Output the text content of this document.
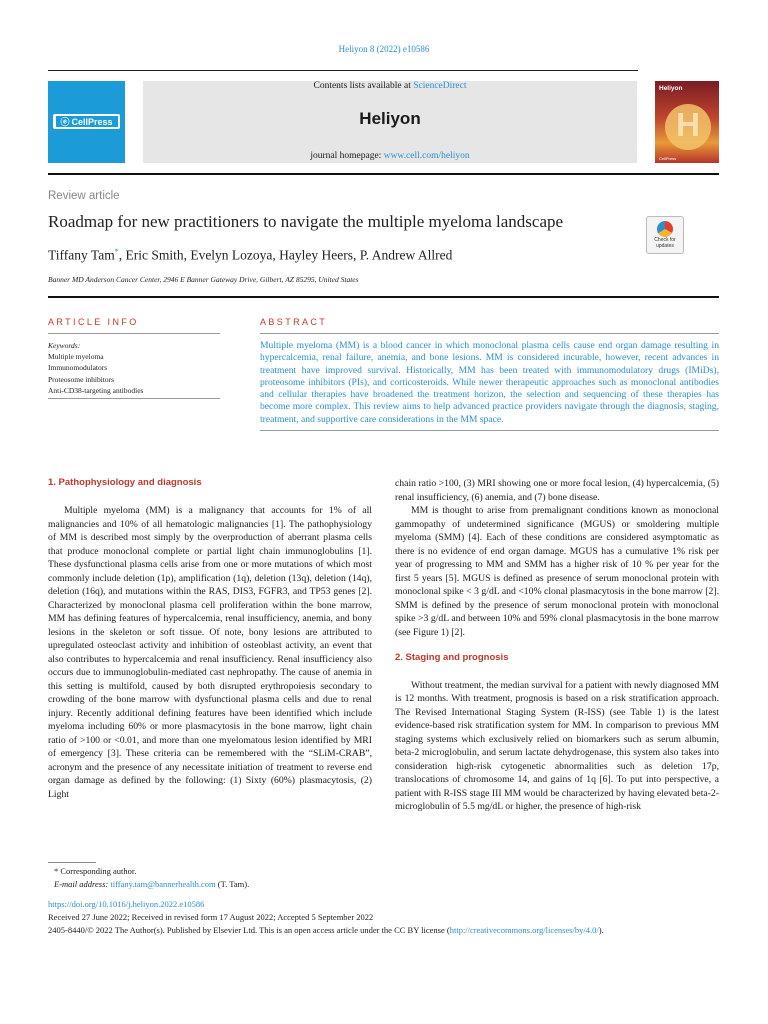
Heliyon 8 (2022) e10586
ⓔ CellPress
Contents lists available at ScienceDirect
Heliyon
journal homepage: www.cell.com/heliyon
Heliyon
H
CellPress
Review article
Roadmap for new practitioners to navigate the multiple myeloma landscape
Check for updates
Tiffany Tam*, Eric Smith, Evelyn Lozoya, Hayley Heers, P. Andrew Allred
Banner MD Anderson Cancer Center, 2946 E Banner Gateway Drive, Gilbert, AZ 85295, United States
ARTICLE INFO
Keywords:
Multiple myeloma
Immunomodulators
Proteosome inhibitors
Anti-CD38-targeting antibodies
ABSTRACT
Multiple myeloma (MM) is a blood cancer in which monoclonal plasma cells cause end organ damage resulting in hypercalcemia, renal failure, anemia, and bone lesions. MM is considered incurable, however, recent advances in treatment have improved survival. Historically, MM has been treated with immunomodulatory drugs (IMiDs), proteosome inhibitors (PIs), and corticosteroids. While newer therapeutic approaches such as monoclonal antibodies and cellular therapies have broadened the treatment horizon, the selection and sequencing of these therapies has become more complex. This review aims to help advanced practice providers navigate through the diagnosis, staging, treatment, and supportive care considerations in the MM space.
1. Pathophysiology and diagnosis

Multiple myeloma (MM) is a malignancy that accounts for 1% of all malignancies and 10% of all hematologic malignancies [1]. The pathophysiology of MM is described most simply by the overproduction of aberrant plasma cells that produce monoclonal complete or partial light chain immunoglobulins [1]. These dysfunctional plasma cells arise from one or more mutations of which most commonly include deletion (1p), amplification (1q), deletion (13q), deletion (14q), deletion (16q), and mutations within the RAS, DIS3, FGFR3, and TP53 genes [2]. Characterized by monoclonal plasma cell proliferation within the bone marrow, MM has defining features of hypercalcemia, renal insufficiency, anemia, and bony lesions in the skeleton or soft tissue. Of note, bony lesions are attributed to upregulated osteoclast activity and inhibition of osteoblast activity, an event that also contributes to hypercalcemia and renal insufficiency. Renal insufficiency also occurs due to immunoglobulin-mediated cast nephropathy. The cause of anemia in this setting is multifold, caused by both disrupted erythropoiesis secondary to crowding of the bone marrow with dysfunctional plasma cells and due to renal injury. Recently additional defining features have been identified which include myeloma including 60% or more plasmacytosis in the bone marrow, light chain ratio of >100 or <0.01, and more than one myelomatous lesion identified by MRI of emergency [3]. These criteria can be remembered with the “SLiM-CRAB”, acronym and the presence of any necessitate initiation of treatment to reverse end organ damage as defined by the following: (1) Sixty (60%) plasmacytosis, (2) Light

chain ratio >100, (3) MRI showing one or more focal lesion, (4) hypercalcemia, (5) renal insufficiency, (6) anemia, and (7) bone disease.

MM is thought to arise from premalignant conditions known as monoclonal gammopathy of undetermined significance (MGUS) or smoldering multiple myeloma (SMM) [4]. Each of these conditions are considered asymptomatic as there is no evidence of end organ damage. MGUS has a cumulative 1% risk per year of progressing to MM and SMM has a higher risk of 10 % per year for the first 5 years [5]. MGUS is defined as presence of serum monoclonal protein with monoclonal spike < 3 g/dL and <10% clonal plasmacytosis in the bone marrow [2]. SMM is defined by the presence of serum monoclonal protein with monoclonal spike >3 g/dL and between 10% and 59% clonal plasmacytosis in the bone marrow (see Figure 1) [2].

2. Staging and prognosis

Without treatment, the median survival for a patient with newly diagnosed MM is 12 months. With treatment, prognosis is based on a risk stratification approach. The Revised International Staging System (R-ISS) (see Table 1) is the latest evidence-based risk stratification system for MM. In comparison to previous MM staging systems which exclusively relied on biomarkers such as serum albumin, beta-2 microglobulin, and serum lactate dehydrogenase, this system also takes into consideration high-risk cytogenetic abnormalities such as deletion 17p, translocations of chromosome 14, and gains of 1q [6]. To put into perspective, a patient with R-ISS stage III MM would be characterized by having elevated beta-2-microglobulin of 5.5 mg/dL or higher, the presence of high-risk

* Corresponding author.
E-mail address: tiffany.tam@bannerhealth.com (T. Tam).
https://doi.org/10.1016/j.heliyon.2022.e10586
Received 27 June 2022; Received in revised form 17 August 2022; Accepted 5 September 2022
2405-8440/© 2022 The Author(s). Published by Elsevier Ltd. This is an open access article under the CC BY license (http://creativecommons.org/licenses/by/4.0/).
